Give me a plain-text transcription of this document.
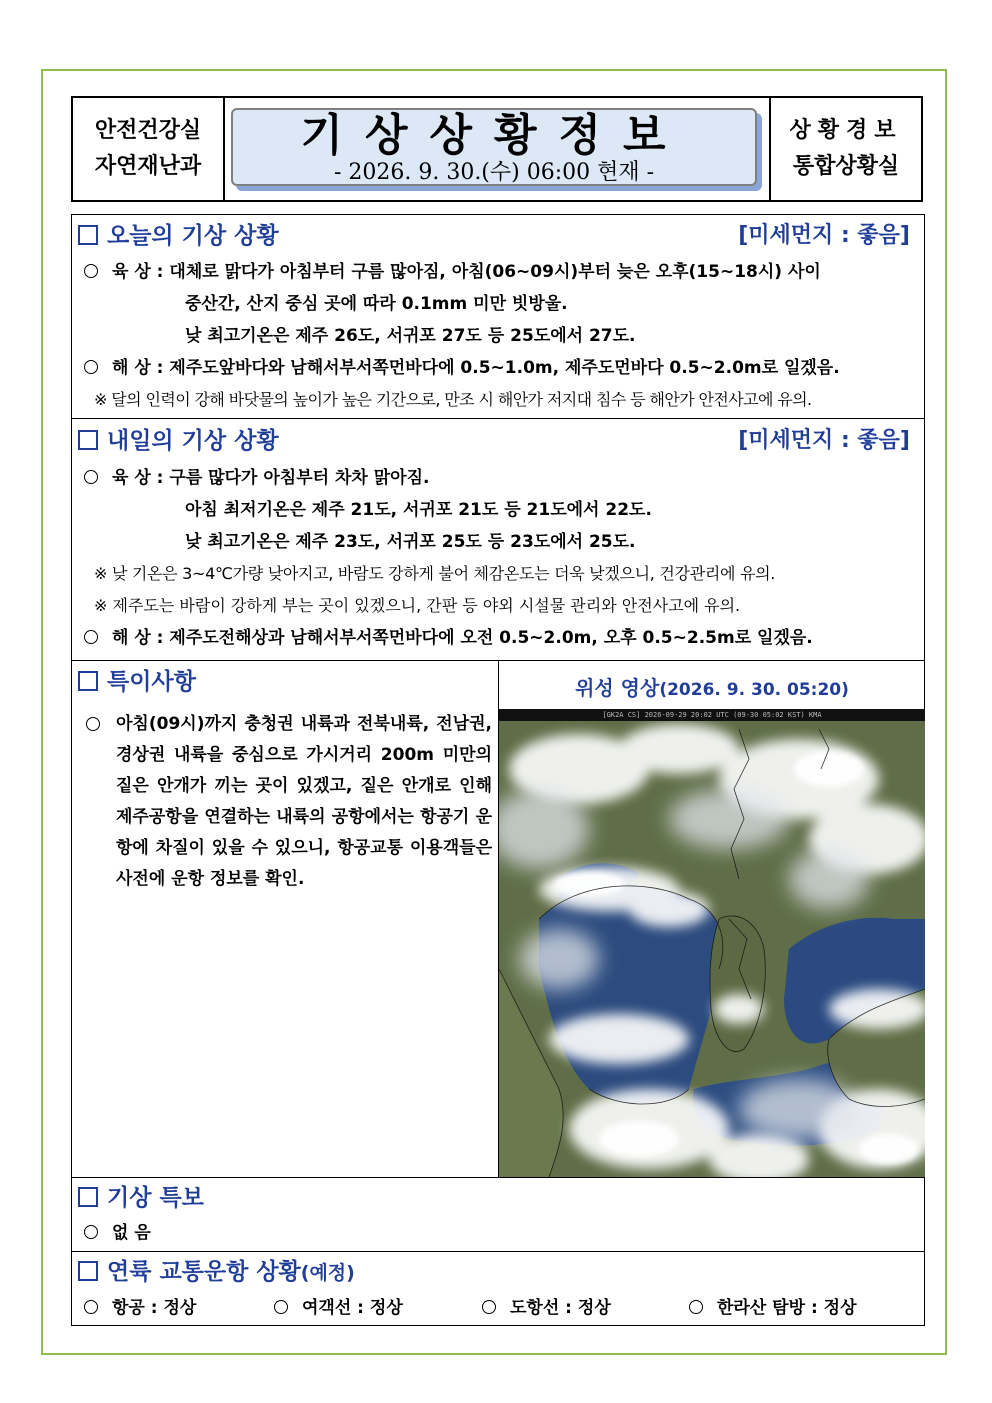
안전건강실
자연재난과
기상상황정보
- 2026. 9. 30.(수) 06:00 현재 -
상황경보
통합상황실
오늘의 기상 상황	[미세먼지 : 좋음]
육 상 : 대체로 맑다가 아침부터 구름 많아짐, 아침(06~09시)부터 늦은 오후(15~18시) 사이
중산간, 산지 중심 곳에 따라 0.1mm 미만 빗방울.
낮 최고기온은 제주 26도, 서귀포 27도 등 25도에서 27도.
해 상 : 제주도앞바다와 남해서부서쪽먼바다에 0.5~1.0m, 제주도먼바다 0.5~2.0m로 일겠음.
※ 달의 인력이 강해 바닷물의 높이가 높은 기간으로, 만조 시 해안가 저지대 침수 등 해안가 안전사고에 유의.
내일의 기상 상황	[미세먼지 : 좋음]
육 상 : 구름 많다가 아침부터 차차 맑아짐.
아침 최저기온은 제주 21도, 서귀포 21도 등 21도에서 22도.
낮 최고기온은 제주 23도, 서귀포 25도 등 23도에서 25도.
※ 낮 기온은 3~4℃가량 낮아지고, 바람도 강하게 불어 체감온도는 더욱 낮겠으니, 건강관리에 유의.
※ 제주도는 바람이 강하게 부는 곳이 있겠으니, 간판 등 야외 시설물 관리와 안전사고에 유의.
해 상 : 제주도전해상과 남해서부서쪽먼바다에 오전 0.5~2.0m, 오후 0.5~2.5m로 일겠음.
특이사항	위성 영상(2026. 9. 30. 05:20)
아침(09시)까지 충청권 내륙과 전북내륙, 전남권, 경상권 내륙을 중심으로 가시거리 200m 미만의 짙은 안개가 끼는 곳이 있겠고, 짙은 안개로 인해 제주공항을 연결하는 내륙의 공항에서는 항공기 운항에 차질이 있을 수 있으니, 항공교통 이용객들은 사전에 운항 정보를 확인.
[GK2A CS] 2026-09-29 20:02 UTC (09-30 05:02 KST) KMA
기상 특보
없 음
연륙 교통운항 상황(예정)
항공 : 정상	여객선 : 정상	도항선 : 정상	한라산 탐방 : 정상
